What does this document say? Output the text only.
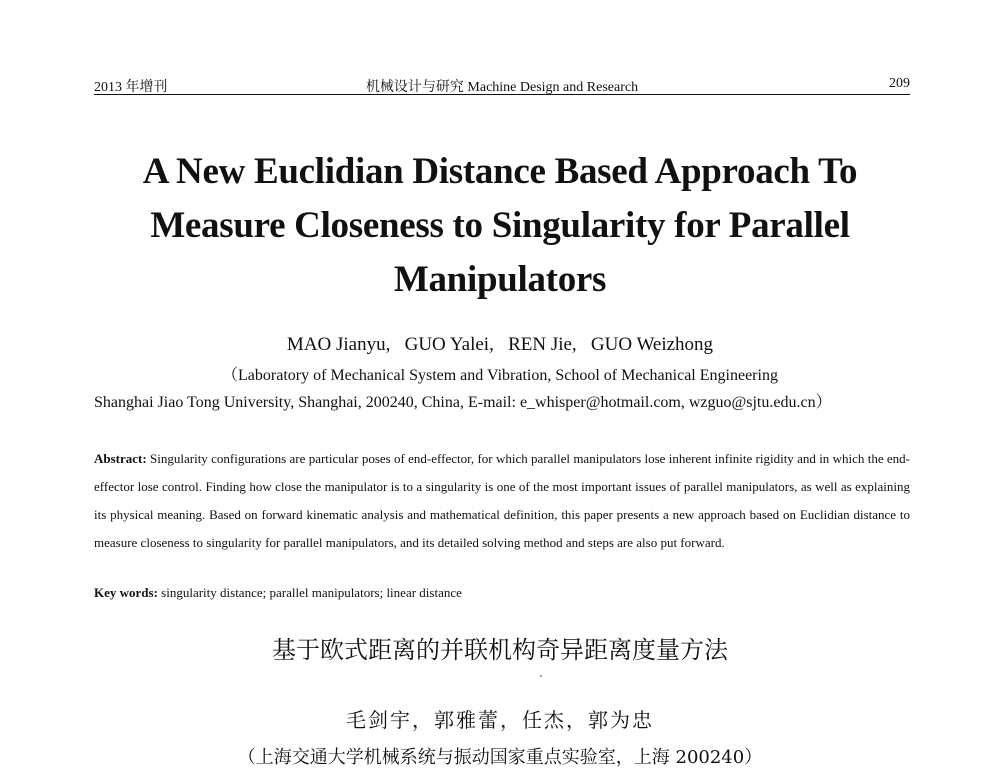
2013 年增刊	机械设计与研究 Machine Design and Research	209
A New Euclidian Distance Based Approach To
Measure Closeness to Singularity for Parallel
Manipulators
MAO Jianyu,   GUO Yalei,   REN Jie,   GUO Weizhong
（Laboratory of Mechanical System and Vibration, School of Mechanical Engineering
Shanghai Jiao Tong University, Shanghai, 200240, China, E-mail: e_whisper@hotmail.com, wzguo@sjtu.edu.cn）
Abstract: Singularity configurations are particular poses of end-effector, for which parallel manipulators lose inherent infinite rigidity and in which the end-effector lose control. Finding how close the manipulator is to a singularity is one of the most important issues of parallel manipulators, as well as explaining its physical meaning. Based on forward kinematic analysis and mathematical definition, this paper presents a new approach based on Euclidian distance to measure closeness to singularity for parallel manipulators, and its detailed solving method and steps are also put forward.
Key words: singularity distance; parallel manipulators; linear distance
基于欧式距离的并联机构奇异距离度量方法
毛剑宇，郭雅蕾，任杰，郭为忠
（上海交通大学机械系统与振动国家重点实验室，上海 200240）
